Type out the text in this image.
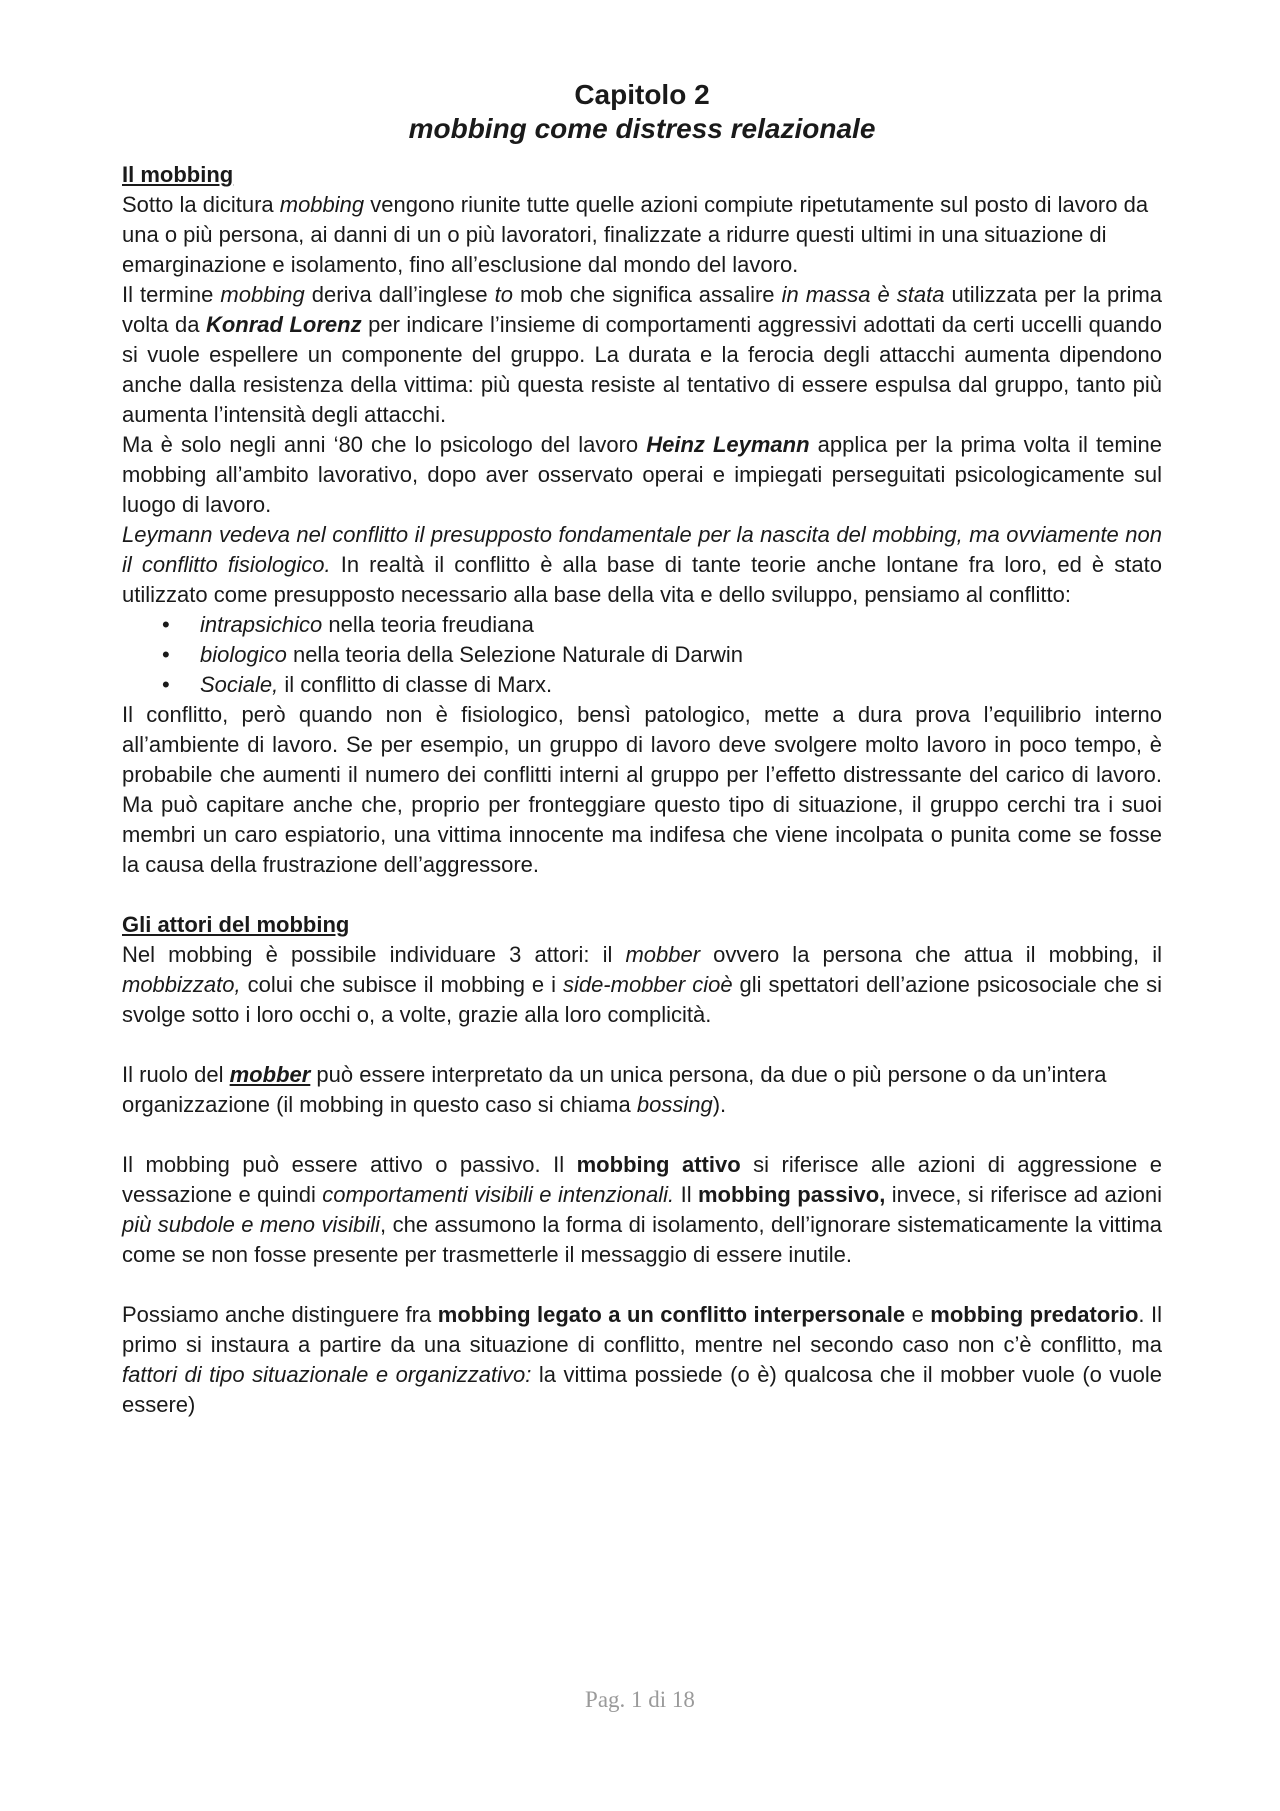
Capitolo 2
mobbing come distress relazionale

Il mobbing

Sotto la dicitura mobbing vengono riunite tutte quelle azioni compiute ripetutamente sul posto di lavoro da una o più persona, ai danni di un o più lavoratori, finalizzate a ridurre questi ultimi in una situazione di emarginazione e isolamento, fino all’esclusione dal mondo del lavoro.

Il termine mobbing deriva dall’inglese to mob che significa assalire in massa è stata utilizzata per la prima volta da Konrad Lorenz per indicare l’insieme di comportamenti aggressivi adottati da certi uccelli quando si vuole espellere un componente del gruppo. La durata e la ferocia degli attacchi aumenta dipendono anche dalla resistenza della vittima: più questa resiste al tentativo di essere espulsa dal gruppo, tanto più aumenta l’intensità degli attacchi.

Ma è solo negli anni ‘80 che lo psicologo del lavoro Heinz Leymann applica per la prima volta il temine mobbing all’ambito lavorativo, dopo aver osservato operai e impiegati perseguitati psicologicamente sul luogo di lavoro.

Leymann vedeva nel conflitto il presupposto fondamentale per la nascita del mobbing, ma ovviamente non il conflitto fisiologico. In realtà il conflitto è alla base di tante teorie anche lontane fra loro, ed è stato utilizzato come presupposto necessario alla base della vita e dello sviluppo, pensiamo al conflitto:

• intrapsichico nella teoria freudiana
• biologico nella teoria della Selezione Naturale di Darwin
• Sociale, il conflitto di classe di Marx.

Il conflitto, però quando non è fisiologico, bensì patologico, mette a dura prova l’equilibrio interno all’ambiente di lavoro. Se per esempio, un gruppo di lavoro deve svolgere molto lavoro in poco tempo, è probabile che aumenti il numero dei conflitti interni al gruppo per l’effetto distressante del carico di lavoro. Ma può capitare anche che, proprio per fronteggiare questo tipo di situazione, il gruppo cerchi tra i suoi membri un caro espiatorio, una vittima innocente ma indifesa che viene incolpata o punita come se fosse la causa della frustrazione dell’aggressore.

Gli attori del mobbing

Nel mobbing è possibile individuare 3 attori: il mobber ovvero la persona che attua il mobbing, il mobbizzato, colui che subisce il mobbing e i side-mobber cioè gli spettatori dell’azione psicosociale che si svolge sotto i loro occhi o, a volte, grazie alla loro complicità.

Il ruolo del mobber può essere interpretato da un unica persona, da due o più persone o da un’intera organizzazione (il mobbing in questo caso si chiama bossing).

Il mobbing può essere attivo o passivo. Il mobbing attivo si riferisce alle azioni di aggressione e vessazione e quindi comportamenti visibili e intenzionali. Il mobbing passivo, invece, si riferisce ad azioni più subdole e meno visibili, che assumono la forma di isolamento, dell’ignorare sistematicamente la vittima come se non fosse presente per trasmetterle il messaggio di essere inutile.

Possiamo anche distinguere fra mobbing legato a un conflitto interpersonale e mobbing predatorio. Il primo si instaura a partire da una situazione di conflitto, mentre nel secondo caso non c’è conflitto, ma fattori di tipo situazionale e organizzativo: la vittima possiede (o è) qualcosa che il mobber vuole (o vuole essere)

Pag. 1 di 18
